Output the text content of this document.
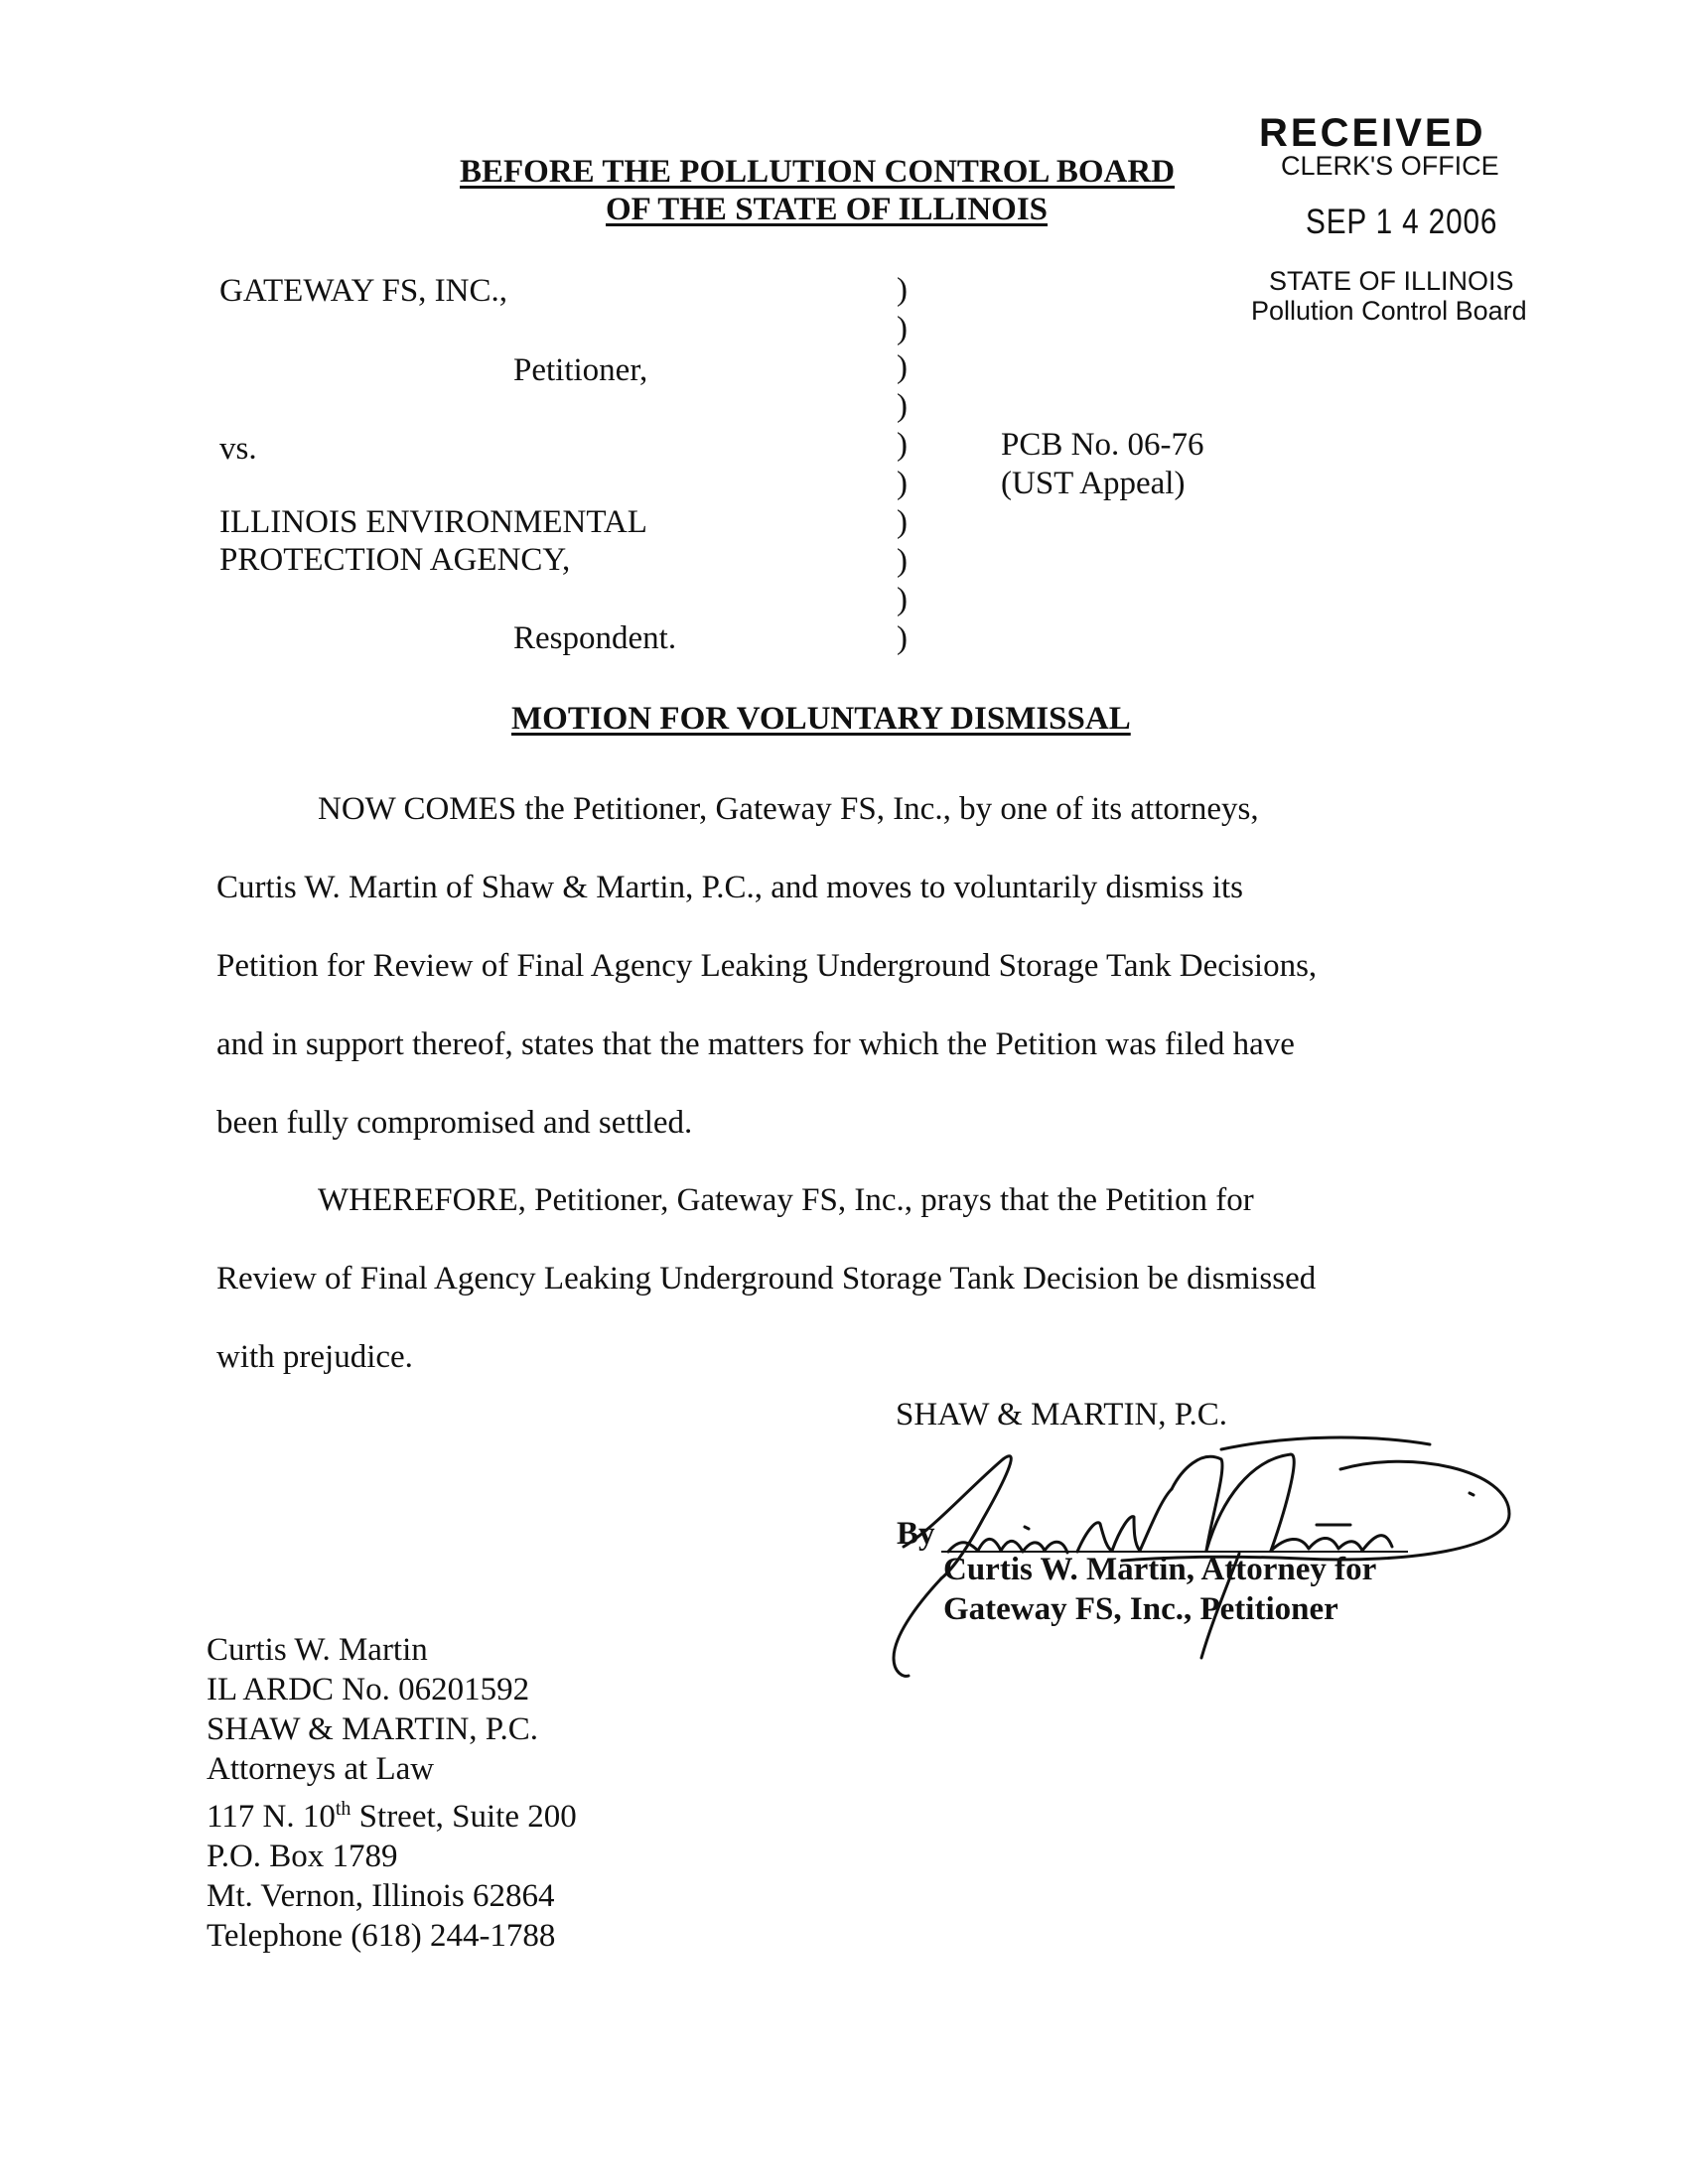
RECEIVED
CLERK'S OFFICE
SEP 1 4 2006
STATE OF ILLINOIS
Pollution Control Board
BEFORE THE POLLUTION CONTROL BOARD
OF THE STATE OF ILLINOIS
GATEWAY FS, INC.,
Petitioner,
vs.
ILLINOIS ENVIRONMENTAL
PROTECTION AGENCY,
Respondent.
)
)
)
)
)
)
)
)
)
)
PCB No. 06-76
(UST Appeal)
MOTION FOR VOLUNTARY DISMISSAL
NOW COMES the Petitioner, Gateway FS, Inc., by one of its attorneys,
Curtis W. Martin of Shaw & Martin, P.C., and moves to voluntarily dismiss its
Petition for Review of Final Agency Leaking Underground Storage Tank Decisions,
and in support thereof, states that the matters for which the Petition was filed have
been fully compromised and settled.
WHEREFORE, Petitioner, Gateway FS, Inc., prays that the Petition for
Review of Final Agency Leaking Underground Storage Tank Decision be dismissed
with prejudice.
SHAW & MARTIN, P.C.
By
Curtis W. Martin, Attorney for
Gateway FS, Inc., Petitioner
Curtis W. Martin
IL ARDC No. 06201592
SHAW & MARTIN, P.C.
Attorneys at Law
117 N. 10th Street, Suite 200
P.O. Box 1789
Mt. Vernon, Illinois 62864
Telephone (618) 244-1788
